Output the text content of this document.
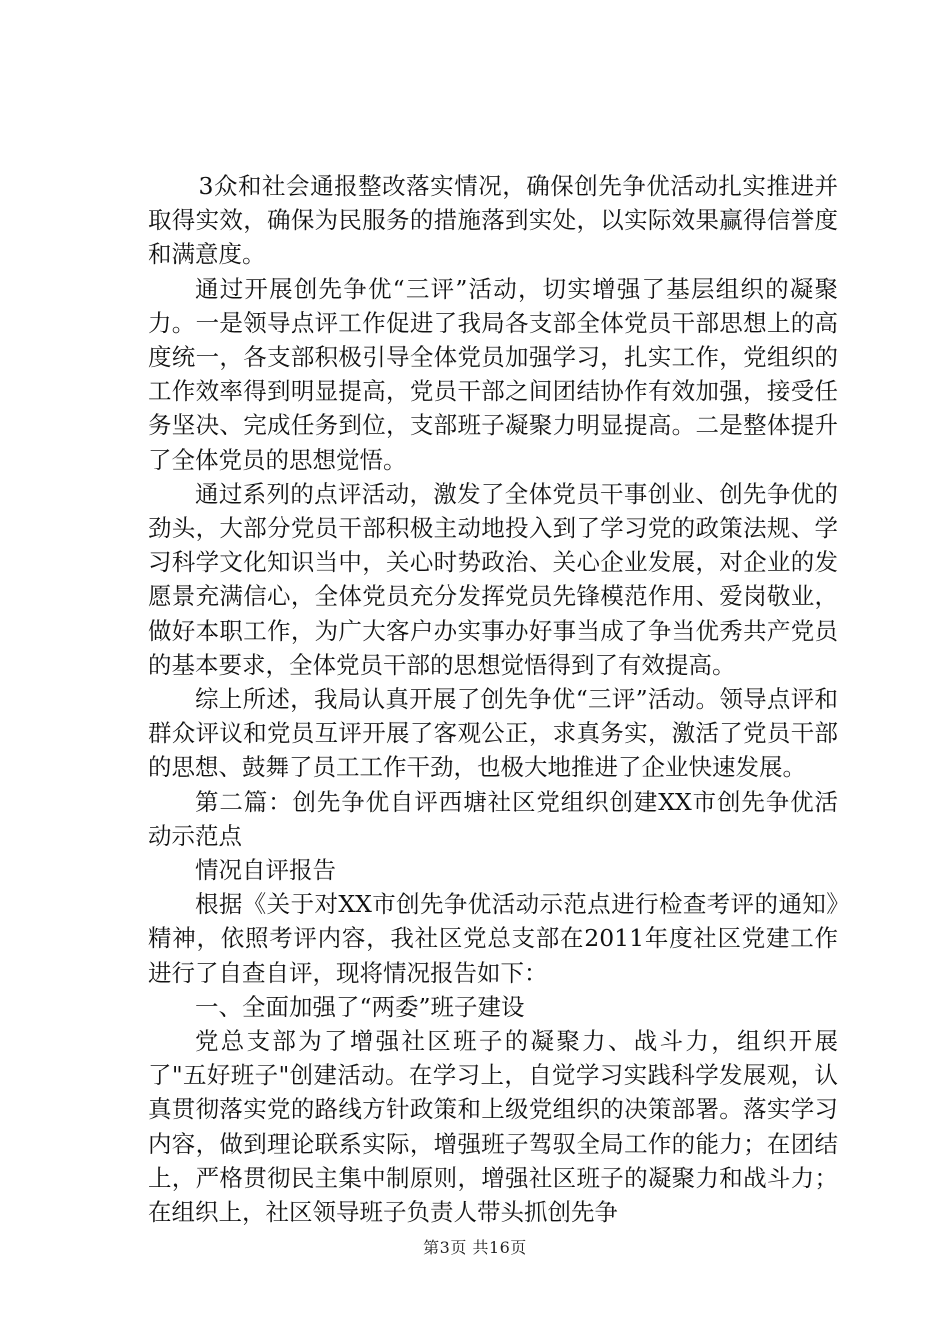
3众和社会通报整改落实情况，确保创先争优活动扎实推进并取得实效，确保为民服务的措施落到实处，以实际效果赢得信誉度和满意度。

通过开展创先争优“三评”活动，切实增强了基层组织的凝聚力。一是领导点评工作促进了我局各支部全体党员干部思想上的高度统一，各支部积极引导全体党员加强学习，扎实工作，党组织的工作效率得到明显提高，党员干部之间团结协作有效加强，接受任务坚决、完成任务到位，支部班子凝聚力明显提高。二是整体提升了全体党员的思想觉悟。

通过系列的点评活动，激发了全体党员干事创业、创先争优的劲头，大部分党员干部积极主动地投入到了学习党的政策法规、学习科学文化知识当中，关心时势政治、关心企业发展，对企业的发愿景充满信心，全体党员充分发挥党员先锋模范作用、爱岗敬业，做好本职工作，为广大客户办实事办好事当成了争当优秀共产党员的基本要求，全体党员干部的思想觉悟得到了有效提高。

综上所述，我局认真开展了创先争优“三评”活动。领导点评和群众评议和党员互评开展了客观公正，求真务实，激活了党员干部的思想、鼓舞了员工工作干劲，也极大地推进了企业快速发展。

第二篇：创先争优自评西塘社区党组织创建XX市创先争优活动示范点

情况自评报告

根据《关于对XX市创先争优活动示范点进行检查考评的通知》精神，依照考评内容，我社区党总支部在2011年度社区党建工作进行了自查自评，现将情况报告如下：

一、全面加强了“两委”班子建设

党总支部为了增强社区班子的凝聚力、战斗力，组织开展了"五好班子"创建活动。在学习上，自觉学习实践科学发展观，认真贯彻落实党的路线方针政策和上级党组织的决策部署。落实学习内容，做到理论联系实际，增强班子驾驭全局工作的能力；在团结上，严格贯彻民主集中制原则，增强社区班子的凝聚力和战斗力；在组织上，社区领导班子负责人带头抓创先争

第3页 共16页
